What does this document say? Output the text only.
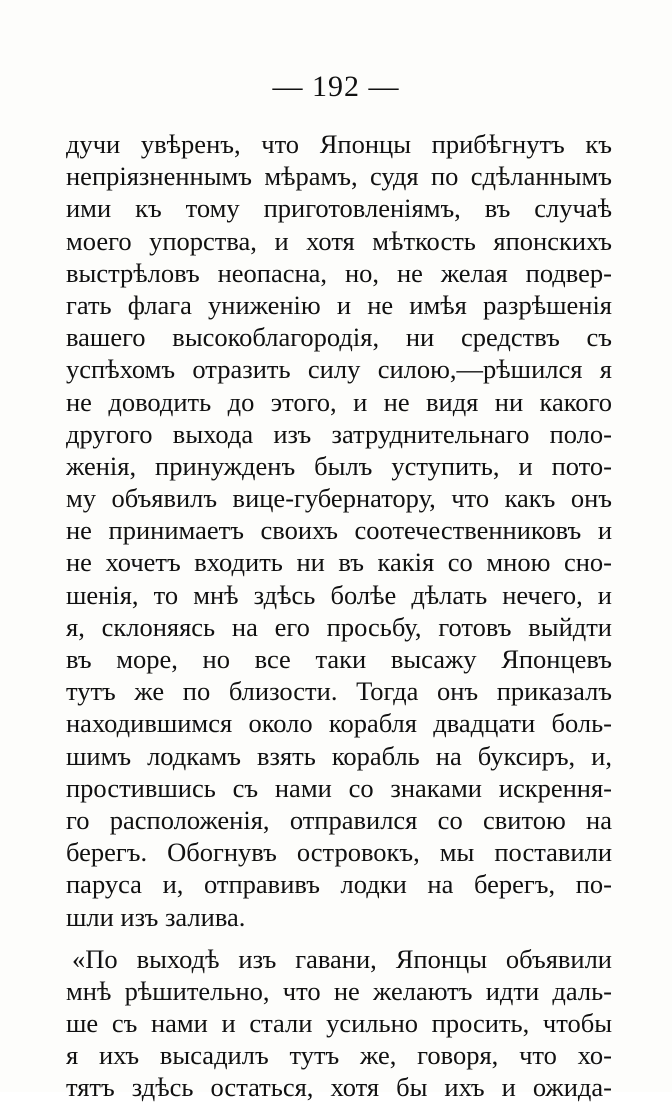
— 192 —
дучи увѣренъ, что Японцы прибѣгнутъ къ
непріязненнымъ мѣрамъ, судя по сдѣланнымъ
ими къ тому приготовленіямъ, въ случаѣ
моего упорства, и хотя мѣткость японскихъ
выстрѣловъ неопасна, но, не желая подвер-
гать флага униженію и не имѣя разрѣшенія
вашего высокоблагородія, ни средствъ съ
успѣхомъ отразить силу силою,—рѣшился я
не доводить до этого, и не видя ни какого
другого выхода изъ затруднительнаго поло-
женія, принужденъ былъ уступить, и пото-
му объявилъ вице-губернатору, что какъ онъ
не принимаетъ своихъ соотечественниковъ и
не хочетъ входить ни въ какія со мною сно-
шенія, то мнѣ здѣсь болѣе дѣлать нечего, и
я, склоняясь на его просьбу, готовъ выйдти
въ море, но все таки высажу Японцевъ
тутъ же по близости. Тогда онъ приказалъ
находившимся около корабля двадцати боль-
шимъ лодкамъ взять корабль на буксиръ, и,
простившись съ нами со знаками искрення-
го расположенія, отправился со свитою на
берегъ. Обогнувъ островокъ, мы поставили
паруса и, отправивъ лодки на берегъ, по-
шли изъ залива.
«По выходѣ изъ гавани, Японцы объявили
мнѣ рѣшительно, что не желаютъ идти даль-
ше съ нами и стали усильно просить, чтобы
я ихъ высадилъ тутъ же, говоря, что хо-
тятъ здѣсь остаться, хотя бы ихъ и ожида-
